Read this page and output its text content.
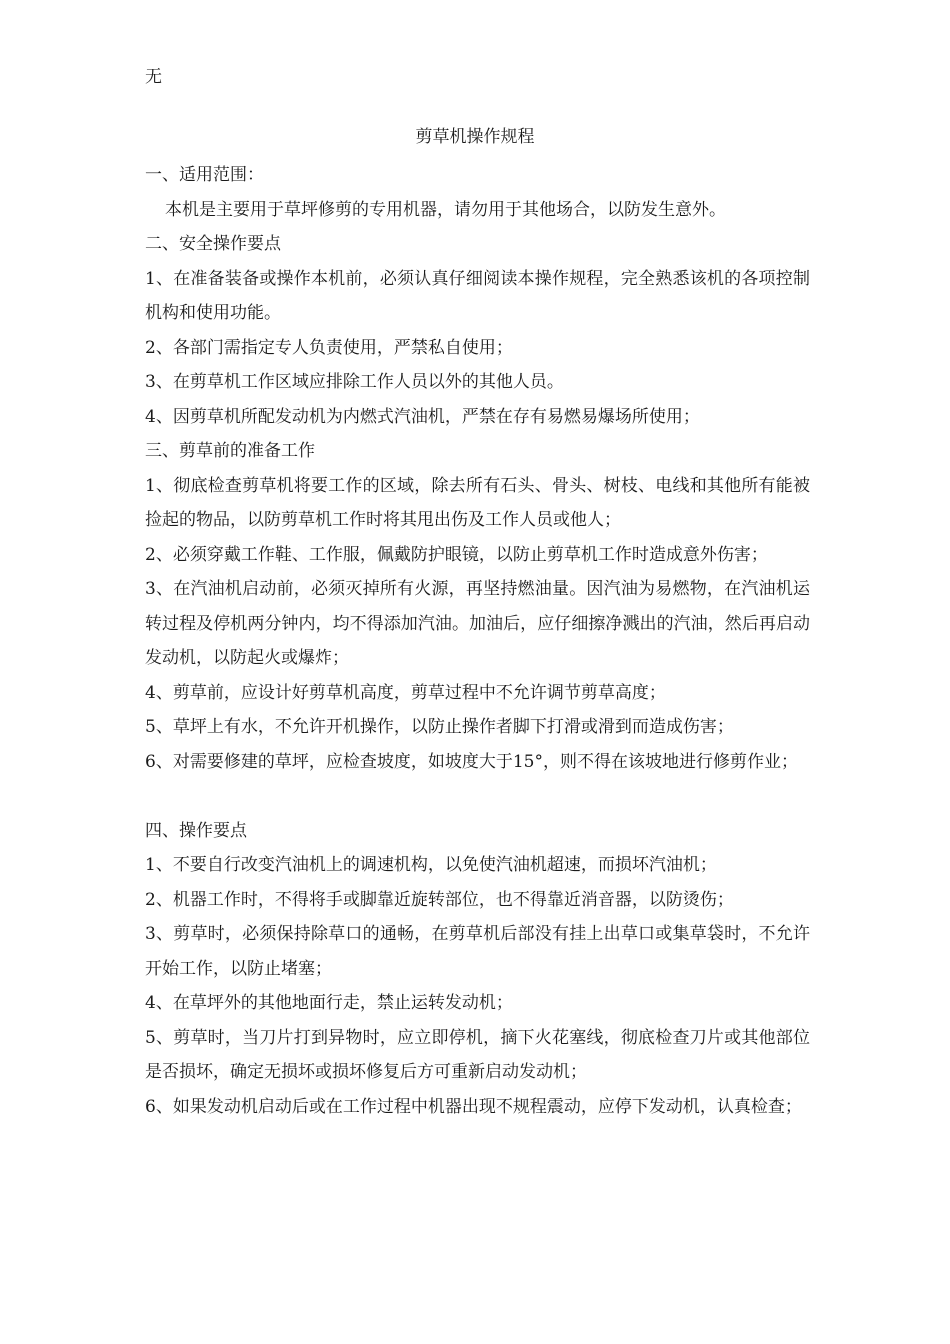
无
剪草机操作规程

一、适用范围：

本机是主要用于草坪修剪的专用机器，请勿用于其他场合，以防发生意外。

二、安全操作要点

1、在准备装备或操作本机前，必须认真仔细阅读本操作规程，完全熟悉该机的各项控制机构和使用功能。

2、各部门需指定专人负责使用，严禁私自使用；

3、在剪草机工作区域应排除工作人员以外的其他人员。

4、因剪草机所配发动机为内燃式汽油机，严禁在存有易燃易爆场所使用；

三、剪草前的准备工作

1、彻底检查剪草机将要工作的区域，除去所有石头、骨头、树枝、电线和其他所有能被捡起的物品，以防剪草机工作时将其甩出伤及工作人员或他人；

2、必须穿戴工作鞋、工作服，佩戴防护眼镜，以防止剪草机工作时造成意外伤害；

3、在汽油机启动前，必须灭掉所有火源，再坚持燃油量。因汽油为易燃物，在汽油机运转过程及停机两分钟内，均不得添加汽油。加油后，应仔细擦净溅出的汽油，然后再启动发动机，以防起火或爆炸；

4、剪草前，应设计好剪草机高度，剪草过程中不允许调节剪草高度；

5、草坪上有水，不允许开机操作，以防止操作者脚下打滑或滑到而造成伤害；

6、对需要修建的草坪，应检查坡度，如坡度大于15°，则不得在该坡地进行修剪作业；

四、操作要点

1、不要自行改变汽油机上的调速机构，以免使汽油机超速，而损坏汽油机；

2、机器工作时，不得将手或脚靠近旋转部位，也不得靠近消音器，以防烫伤；

3、剪草时，必须保持除草口的通畅，在剪草机后部没有挂上出草口或集草袋时，不允许开始工作，以防止堵塞；

4、在草坪外的其他地面行走，禁止运转发动机；

5、剪草时，当刀片打到异物时，应立即停机，摘下火花塞线，彻底检查刀片或其他部位是否损坏，确定无损坏或损坏修复后方可重新启动发动机；

6、如果发动机启动后或在工作过程中机器出现不规程震动，应停下发动机，认真检查；
